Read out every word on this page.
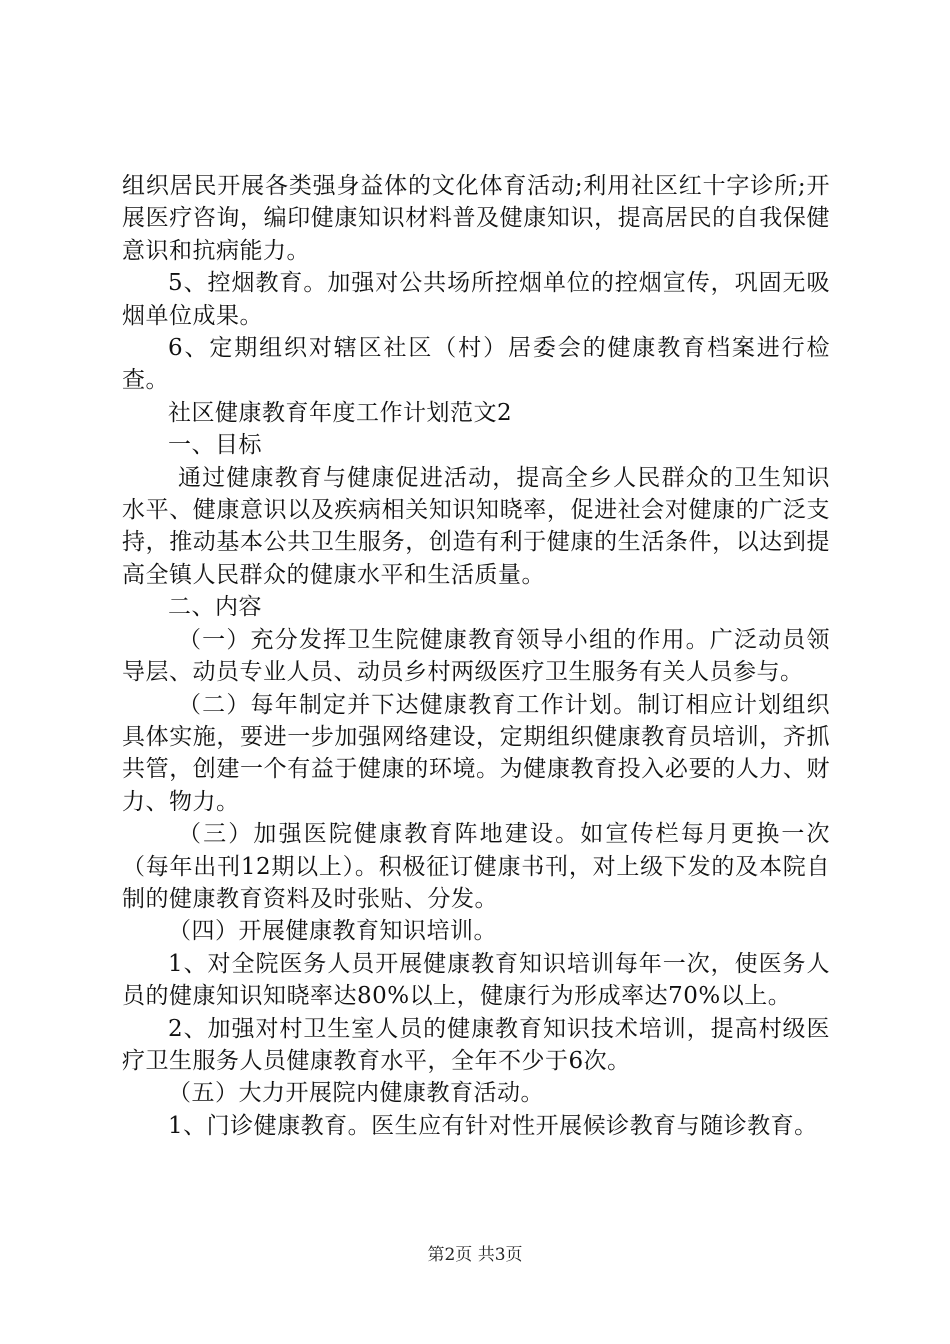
组织居民开展各类强身益体的文化体育活动;利用社区红十字诊所;开展医疗咨询，编印健康知识材料普及健康知识，提高居民的自我保健意识和抗病能力。

5、控烟教育。加强对公共场所控烟单位的控烟宣传，巩固无吸烟单位成果。

6、定期组织对辖区社区（村）居委会的健康教育档案进行检查。

社区健康教育年度工作计划范文2

一、目标

通过健康教育与健康促进活动，提高全乡人民群众的卫生知识水平、健康意识以及疾病相关知识知晓率，促进社会对健康的广泛支持，推动基本公共卫生服务，创造有利于健康的生活条件，以达到提高全镇人民群众的健康水平和生活质量。

二、内容

（一）充分发挥卫生院健康教育领导小组的作用。广泛动员领导层、动员专业人员、动员乡村两级医疗卫生服务有关人员参与。

（二）每年制定并下达健康教育工作计划。制订相应计划组织具体实施，要进一步加强网络建设，定期组织健康教育员培训，齐抓共管，创建一个有益于健康的环境。为健康教育投入必要的人力、财力、物力。

（三）加强医院健康教育阵地建设。如宣传栏每月更换一次（每年出刊12期以上）。积极征订健康书刊，对上级下发的及本院自制的健康教育资料及时张贴、分发。

（四）开展健康教育知识培训。

1、对全院医务人员开展健康教育知识培训每年一次，使医务人员的健康知识知晓率达80%以上，健康行为形成率达70%以上。

2、加强对村卫生室人员的健康教育知识技术培训，提高村级医疗卫生服务人员健康教育水平，全年不少于6次。

（五）大力开展院内健康教育活动。

1、门诊健康教育。医生应有针对性开展候诊教育与随诊教育。

第2页 共3页
